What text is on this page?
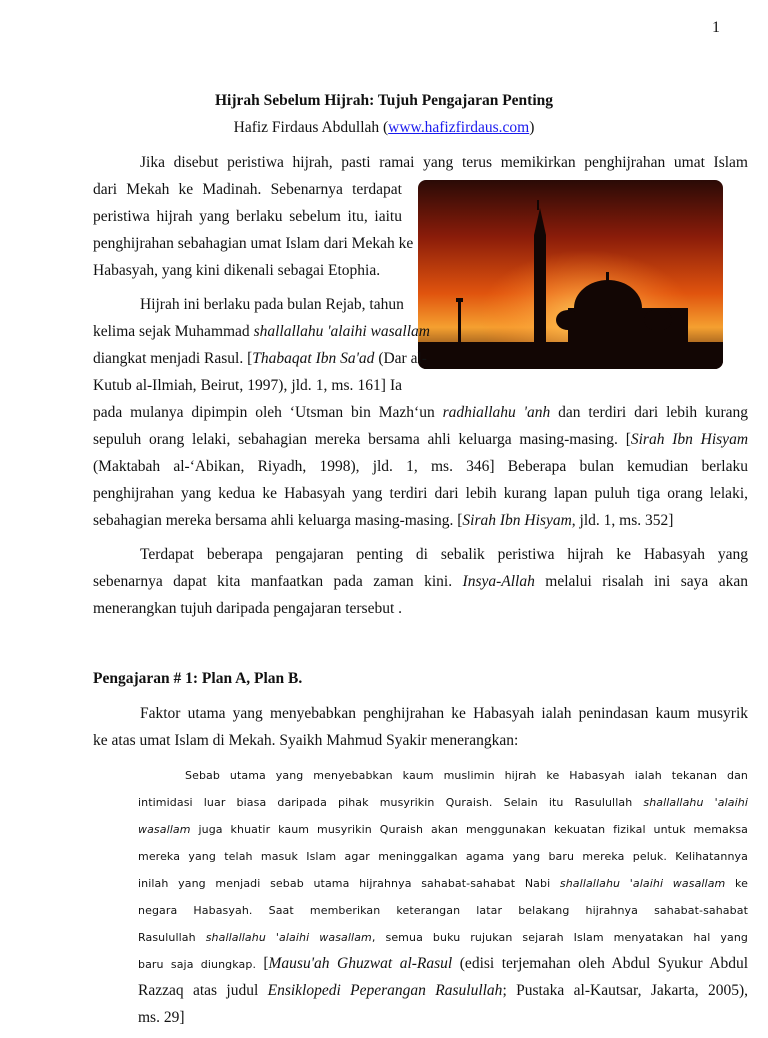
1
Hijrah Sebelum Hijrah: Tujuh Pengajaran Penting
Hafiz Firdaus Abdullah (www.hafizfirdaus.com)
Jika disebut peristiwa hijrah, pasti ramai yang terus memikirkan penghijrahan umat Islam
dari Mekah ke Madinah. Sebenarnya terdapat
peristiwa hijrah yang berlaku sebelum itu, iaitu
penghijrahan sebahagian umat Islam dari Mekah ke
Habasyah, yang kini dikenali sebagai Etophia.
Hijrah ini berlaku pada bulan Rejab, tahun
kelima sejak Muhammad shallallahu 'alaihi wasallam
diangkat menjadi Rasul. [Thabaqat Ibn Sa'ad (Dar al-
Kutub al-Ilmiah, Beirut, 1997), jld. 1, ms. 161] Ia
pada mulanya dipimpin oleh ‘Utsman bin Mazh‘un radhiallahu 'anh dan terdiri dari lebih kurang
sepuluh orang lelaki, sebahagian mereka bersama ahli keluarga masing-masing. [Sirah Ibn Hisyam
(Maktabah al-‘Abikan, Riyadh, 1998), jld. 1, ms. 346] Beberapa bulan kemudian berlaku
penghijrahan yang kedua ke Habasyah yang terdiri dari lebih kurang lapan puluh tiga orang lelaki,
sebahagian mereka bersama ahli keluarga masing-masing. [Sirah Ibn Hisyam, jld. 1, ms. 352]
Terdapat beberapa pengajaran penting di sebalik peristiwa hijrah ke Habasyah yang
sebenarnya dapat kita manfaatkan pada zaman kini. Insya-Allah melalui risalah ini saya akan
menerangkan tujuh daripada pengajaran tersebut .
Pengajaran # 1: Plan A, Plan B.
Faktor utama yang menyebabkan penghijrahan ke Habasyah ialah penindasan kaum musyrik
ke atas umat Islam di Mekah. Syaikh Mahmud Syakir menerangkan:
Sebab utama yang menyebabkan kaum muslimin hijrah ke Habasyah ialah tekanan dan
intimidasi luar biasa daripada pihak musyrikin Quraish. Selain itu Rasulullah shallallahu 'alaihi
wasallam juga khuatir kaum musyrikin Quraish akan menggunakan kekuatan fizikal untuk memaksa
mereka yang telah masuk Islam agar meninggalkan agama yang baru mereka peluk. Kelihatannya
inilah yang menjadi sebab utama hijrahnya sahabat-sahabat Nabi shallallahu 'alaihi wasallam ke
negara Habasyah. Saat memberikan keterangan latar belakang hijrahnya sahabat-sahabat
Rasulullah shallallahu 'alaihi wasallam, semua buku rujukan sejarah Islam menyatakan hal yang
baru saja diungkap. [Mausu'ah Ghuzwat al-Rasul (edisi terjemahan oleh Abdul Syukur Abdul
Razzaq atas judul Ensiklopedi Peperangan Rasulullah; Pustaka al-Kautsar, Jakarta, 2005),
ms. 29]
